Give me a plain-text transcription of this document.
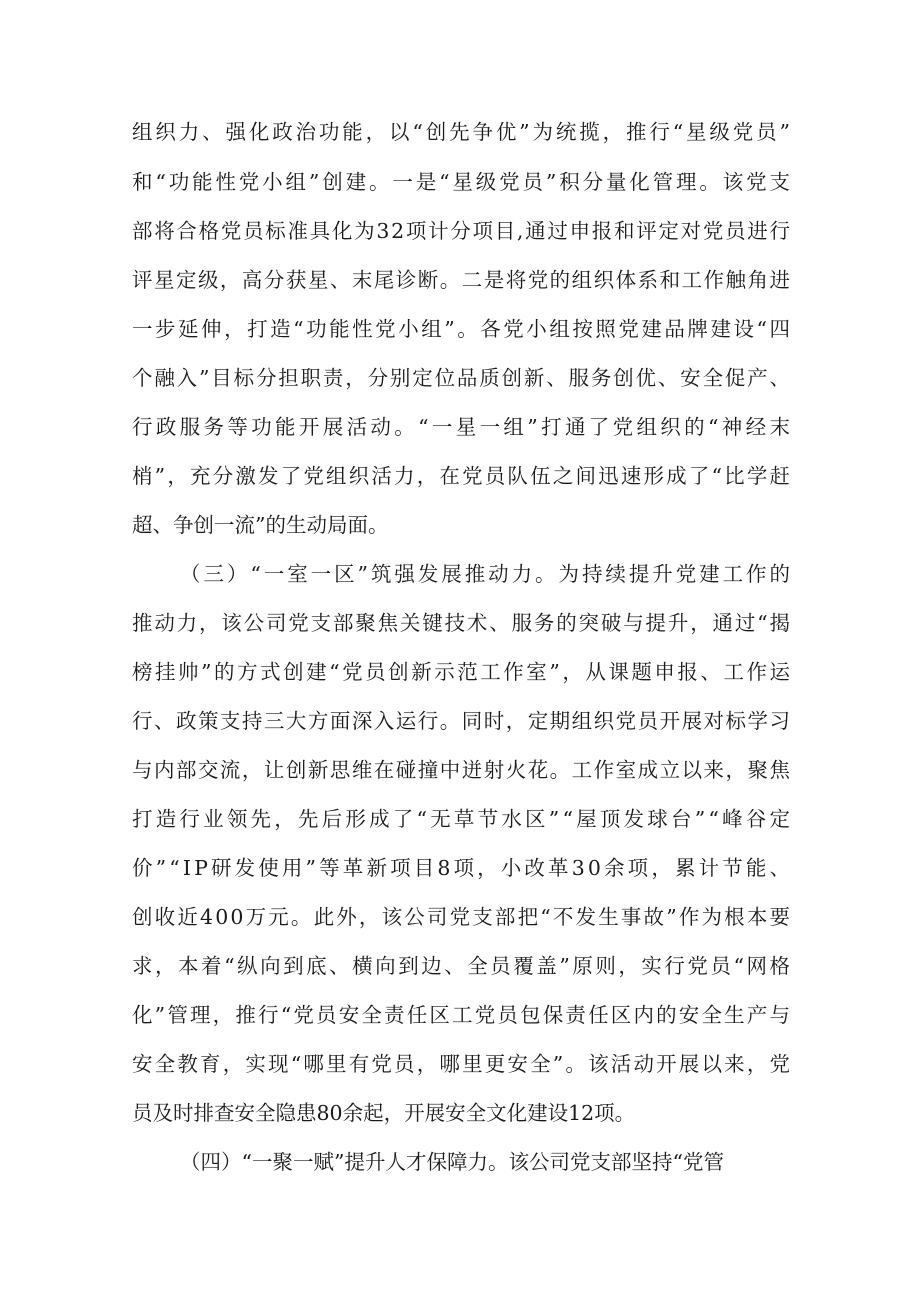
组织力、强化政治功能，以“创先争优”为统揽，推行“星级党员”

和“功能性党小组”创建。一是“星级党员”积分量化管理。该党支

部将合格党员标准具化为32项计分项目,通过申报和评定对党员进行

评星定级，高分获星、末尾诊断。二是将党的组织体系和工作触角进

一步延伸，打造“功能性党小组”。各党小组按照党建品牌建设“四

个融入”目标分担职责，分别定位品质创新、服务创优、安全促产、

行政服务等功能开展活动。“一星一组”打通了党组织的“神经末

梢”，充分激发了党组织活力，在党员队伍之间迅速形成了“比学赶

超、争创一流”的生动局面。

（三）“一室一区”筑强发展推动力。为持续提升党建工作的

推动力，该公司党支部聚焦关键技术、服务的突破与提升，通过“揭

榜挂帅”的方式创建“党员创新示范工作室”，从课题申报、工作运

行、政策支持三大方面深入运行。同时，定期组织党员开展对标学习

与内部交流，让创新思维在碰撞中迸射火花。工作室成立以来，聚焦

打造行业领先，先后形成了“无草节水区”“屋顶发球台”“峰谷定

价”“IP研发使用”等革新项目8项，小改革30余项，累计节能、

创收近400万元。此外，该公司党支部把“不发生事故”作为根本要

求，本着“纵向到底、横向到边、全员覆盖”原则，实行党员“网格

化”管理，推行“党员安全责任区工党员包保责任区内的安全生产与

安全教育，实现“哪里有党员，哪里更安全”。该活动开展以来，党

员及时排查安全隐患80余起，开展安全文化建设12项。

（四）“一聚一赋”提升人才保障力。该公司党支部坚持“党管
